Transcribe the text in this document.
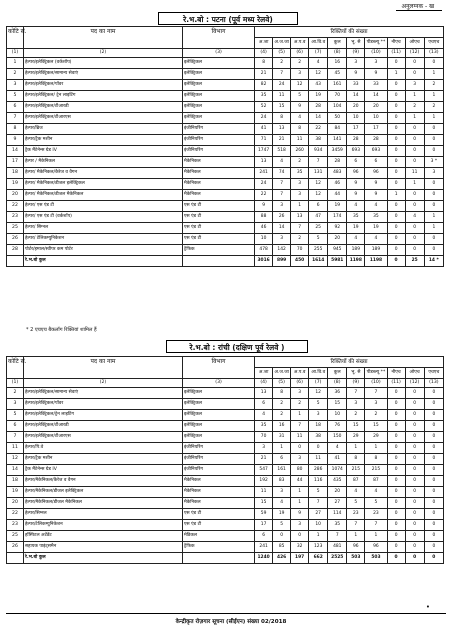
अनुलग्नक - ख
रे.भ.बो : पटना (पूर्व मध्य रेलवे)
कोटि सं.	पद का नाम	विभाग	रिक्तियों की संख्या									
			अ.जा	अ.ज.जा	अ.प.व	आ.वि.व	कुल	भू. सै	पीडब्ल्यू **	नीएच	ओएच	एचएच
(1)	(2)	(3)	(4)	(5)	(6)	(7)	(8)	(9)	(10)	(11)	(12)	(13)
1	हेल्पर/इलेक्ट्रिकल (वर्कशॉप)	इलेक्ट्रिकल	8	2	2	4	16	3	3	0	0	0
2	हेल्पर/इलेक्ट्रिकल/सामान्य सेवाएं	इलेक्ट्रिकल	21	7	3	12	45	9	9	1	0	1
3	हेल्पर/इलेक्ट्रिकल/पॉवर	इलेक्ट्रिकल	82	24	12	43	161	33	33	0	3	2
5	हेल्पर/इलेक्ट्रिकल/ ट्रेन लाइटिंग	इलेक्ट्रिकल	35	11	5	19	70	14	14	0	1	1
6	हेल्पर/इलेक्ट्रिकल/टीआरडी	इलेक्ट्रिकल	52	15	9	28	104	20	20	0	2	2
7	हेल्पर/इलेक्ट्रिकल/टीआरएस	इलेक्ट्रिकल	24	8	4	14	50	10	10	0	1	1
8	हेल्पर/ब्रिज	इंजीनियरिंग	41	13	8	22	84	17	17	0	0	0
9	हेल्पर/ट्रैक मशीन	इंजीनियरिंग	71	21	11	38	141	28	28	0	0	0
14	ट्रैक मैंटेनेन्स ग्रेड IV	इंजीनियरिंग	1747	518	260	934	3459	693	693	0	0	0
17	हेल्पर / मैकेनिकल	मैकेनिकल	13	4	2	7	28	6	6	0	0	3 *
18	हेल्पर/ मैकेनिकल/कैरेज व वैगन	मैकेनिकल	241	74	35	131	483	96	96	0	11	3
19	हेल्पर/ मैकेनिकल/डीजल इलेक्ट्रिकल	मैकेनिकल	24	7	3	12	46	9	9	0	1	0
20	हेल्पर/ मैकेनिकल/डीजल मैकेनिकल	मैकेनिकल	22	7	3	12	44	9	9	1	0	0
22	हेल्पर/ एस एंड टी	एस एंड टी	9	3	1	6	19	4	4	0	0	0
23	हेल्पर/ एस एंड टी (वर्कशॉप)	एस एंड टी	88	26	13	47	174	35	35	0	4	1
25	हेल्पर/ सिग्नल	एस एंड टी	46	14	7	25	92	19	19	0	0	1
26	हेल्पर/ टेलिकम्युनिकेशन	एस एंड टी	10	3	2	5	20	4	4	0	0	0
28	पोर्टर/हमाल/स्वीपर कम पोर्टर	ट्रैफिक	478	142	70	255	945	189	189	0	0	0
	रे.भ.बो कुल		3016	899	450	1614	5981	1198	1198	0	25	14 *
* 2 एचएच बैकलॉग रिक्तियां शामिल हैं
रे.भ.बो : रांची (दक्षिण पूर्व रेलवे )
कोटि सं.	पद का नाम	विभाग	रिक्तियों की संख्या									
			अ.जा	अ.ज.जा	अ.प.व	आ.वि.व	कुल	भू. सै	पीडब्ल्यू **	नीएच	ओएच	एचएच
(1)	(2)	(3)	(4)	(5)	(6)	(7)	(8)	(9)	(10)	(11)	(12)	(13)
2	हेल्पर/इलेक्ट्रिकल/सामान्य सेवाएं	इलेक्ट्रिकल	13	8	3	12	36	7	7	0	0	0
3	हेल्पर/इलेक्ट्रिकल/पॉवर	इलेक्ट्रिकल	6	2	2	5	15	3	3	0	0	0
5	हेल्पर/इलेक्ट्रिकल/ट्रेन लाइटिंग	इलेक्ट्रिकल	4	2	1	3	10	2	2	0	0	0
6	हेल्पर/इलेक्ट्रिकल/टीआरडी	इलेक्ट्रिकल	35	16	7	18	76	15	15	0	0	0
7	हेल्पर/इलेक्ट्रिकल/टीआरएस	इलेक्ट्रिकल	70	31	11	38	150	29	29	0	0	0
11	हेल्पर/पि.वे	इंजीनियरिंग	3	1	0	0	4	1	1	0	0	0
12	हेल्पर/ट्रैक मशीन	इंजीनियरिंग	21	6	3	11	41	8	8	0	0	0
14	ट्रैक मैंटेनेन्स ग्रेड IV	इंजीनियरिंग	547	161	80	286	1074	215	215	0	0	0
18	हेल्पर/मैकेनिकल/कैरेज व वैगन	मैकेनिकल	192	83	44	116	435	87	87	0	0	0
19	हेल्पर/मैकेनिकल/डीजल इलेक्ट्रिकल	मैकेनिकल	11	3	1	5	20	4	4	0	0	0
20	हेल्पर/मैकेनिकल/डीजल मैकेनिकल	मैकेनिकल	15	4	1	7	27	5	5	0	0	0
22	हेल्पर/सिग्नल	एस एंड टी	59	19	9	27	114	23	23	0	0	0
23	हेल्पर/टेलिकम्युनिकेशन	एस एंड टी	17	5	3	10	35	7	7	0	0	0
25	हॉस्पिटल अटेंडेंट	मेडिकल	6	0	0	1	7	1	1	0	0	0
26	सहायक पाइंट्समैन	ट्रैफिक	241	85	32	123	481	96	96	0	0	0
	रे.भ.बो कुल		1240	426	197	662	2525	503	503	0	0	0
•
केन्द्रीकृत रोज़गार सूचना (सीईएन) संख्या 02/2018
